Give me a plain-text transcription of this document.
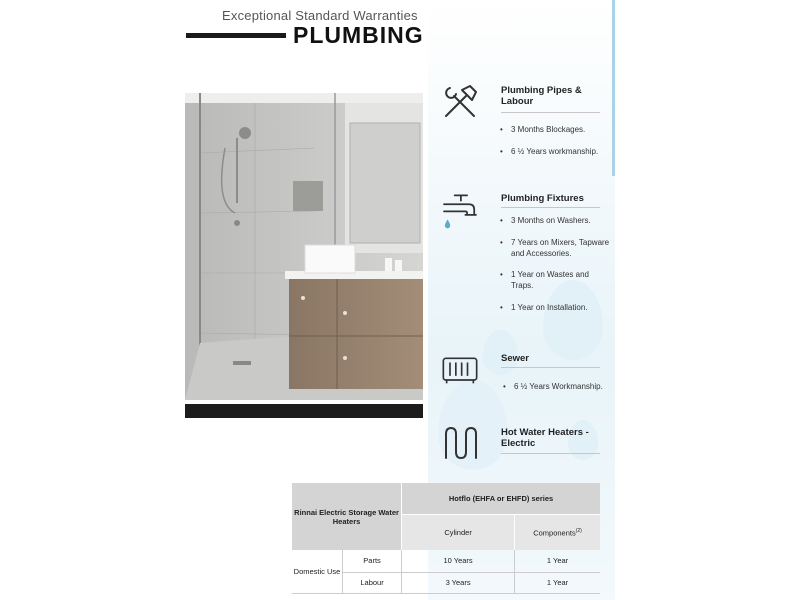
Exceptional Standard Warranties
PLUMBING
Plumbing Pipes & Labour
• 3 Months Blockages.
• 6 ½ Years workmanship.
Plumbing Fixtures
• 3 Months on Washers.
• 7 Years on Mixers, Tapware and Accessories.
• 1 Year on Wastes and Traps.
• 1 Year on Installation.
Sewer
• 6 ½ Years Workmanship.
Hot Water Heaters - Electric
Rinnai Electric Storage Water Heaters		Hotflo (EHFA or EHFD) series	
		Cylinder	Components$^{(2)}$
Domestic Use	Parts	10 Years	1 Year
	Labour	3 Years	1 Year
